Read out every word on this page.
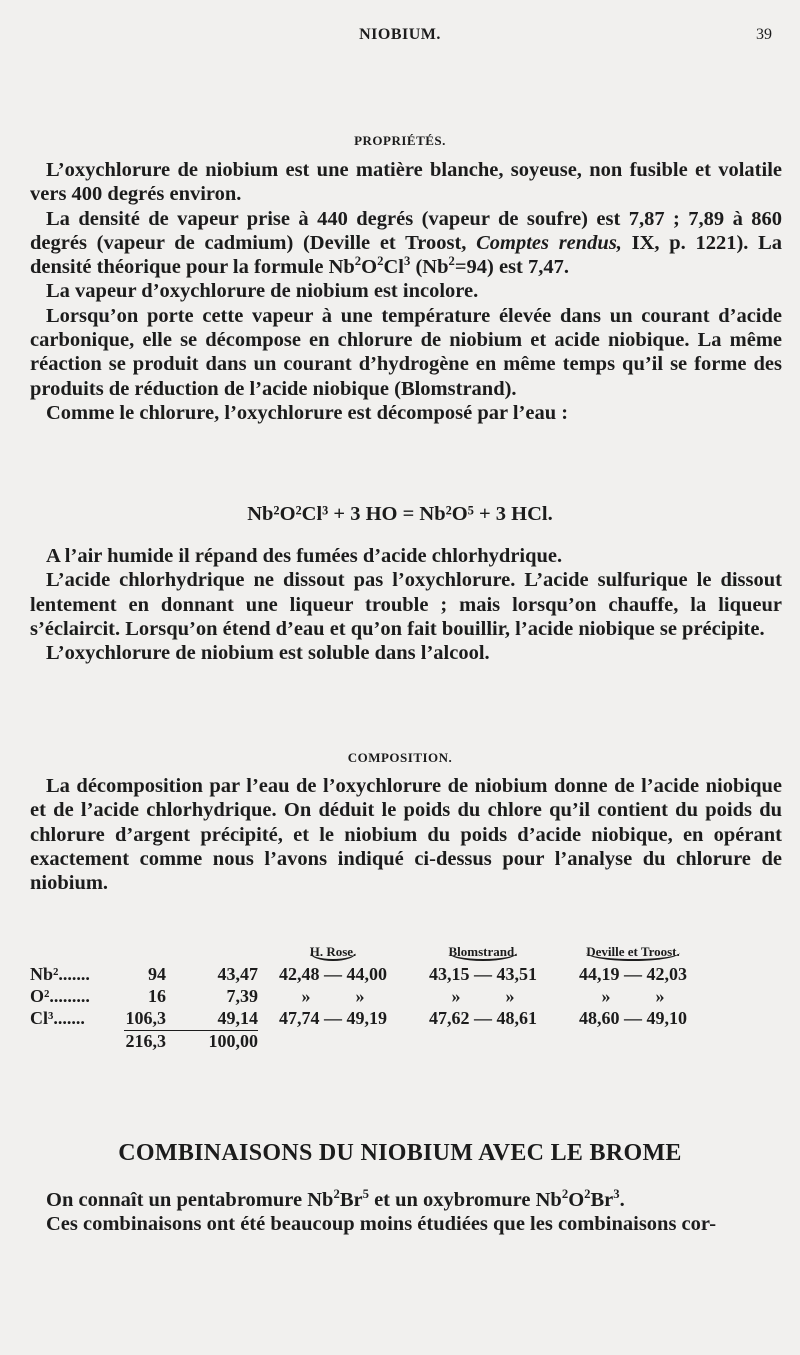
NIOBIUM.	39
PROPRIÉTÉS.

L’oxychlorure de niobium est une matière blanche, soyeuse, non fusible et volatile vers 400 degrés environ.

La densité de vapeur prise à 440 degrés (vapeur de soufre) est 7,87 ; 7,89 à 860 degrés (vapeur de cadmium) (Deville et Troost, Comptes rendus, IX, p. 1221). La densité théorique pour la formule $Nb^2O^2Cl^3$ $(Nb^2=94)$ est 7,47.

La vapeur d’oxychlorure de niobium est incolore.

Lorsqu’on porte cette vapeur à une température élevée dans un courant d’acide carbonique, elle se décompose en chlorure de niobium et acide niobique. La même réaction se produit dans un courant d’hydrogène en même temps qu’il se forme des produits de réduction de l’acide niobique (Blomstrand).

Comme le chlorure, l’oxychlorure est décomposé par l’eau :

Nb²O²Cl³ + 3 HO = Nb²O⁵ + 3 HCl.

A l’air humide il répand des fumées d’acide chlorhydrique.

L’acide chlorhydrique ne dissout pas l’oxychlorure. L’acide sulfurique le dissout lentement en donnant une liqueur trouble ; mais lorsqu’on chauffe, la liqueur s’éclaircit. Lorsqu’on étend d’eau et qu’on fait bouillir, l’acide niobique se précipite.

L’oxychlorure de niobium est soluble dans l’alcool.

COMPOSITION.

La décomposition par l’eau de l’oxychlorure de niobium donne de l’acide niobique et de l’acide chlorhydrique. On déduit le poids du chlore qu’il contient du poids du chlorure d’argent précipité, et le niobium du poids d’acide niobique, en opérant exactement comme nous l’avons indiqué ci-dessus pour l’analyse du chlorure de niobium.

			H. Rose.	Blomstrand.	Deville et Troost.
Nb².......	94	43,47	42,48 — 44,00	43,15 — 43,51	44,19 — 42,03
O².........	16	7,39	»          »	»          »	»          »
Cl³.......	106,3	49,14	47,74 — 49,19	47,62 — 48,61	48,60 — 49,10
	216,3	100,00			
COMBINAISONS DU NIOBIUM AVEC LE BROME

On connaît un pentabromure Nb$^2$Br$^5$ et un oxybromure $Nb^2O^2Br^3$.

Ces combinaisons ont été beaucoup moins étudiées que les combinaisons cor-
